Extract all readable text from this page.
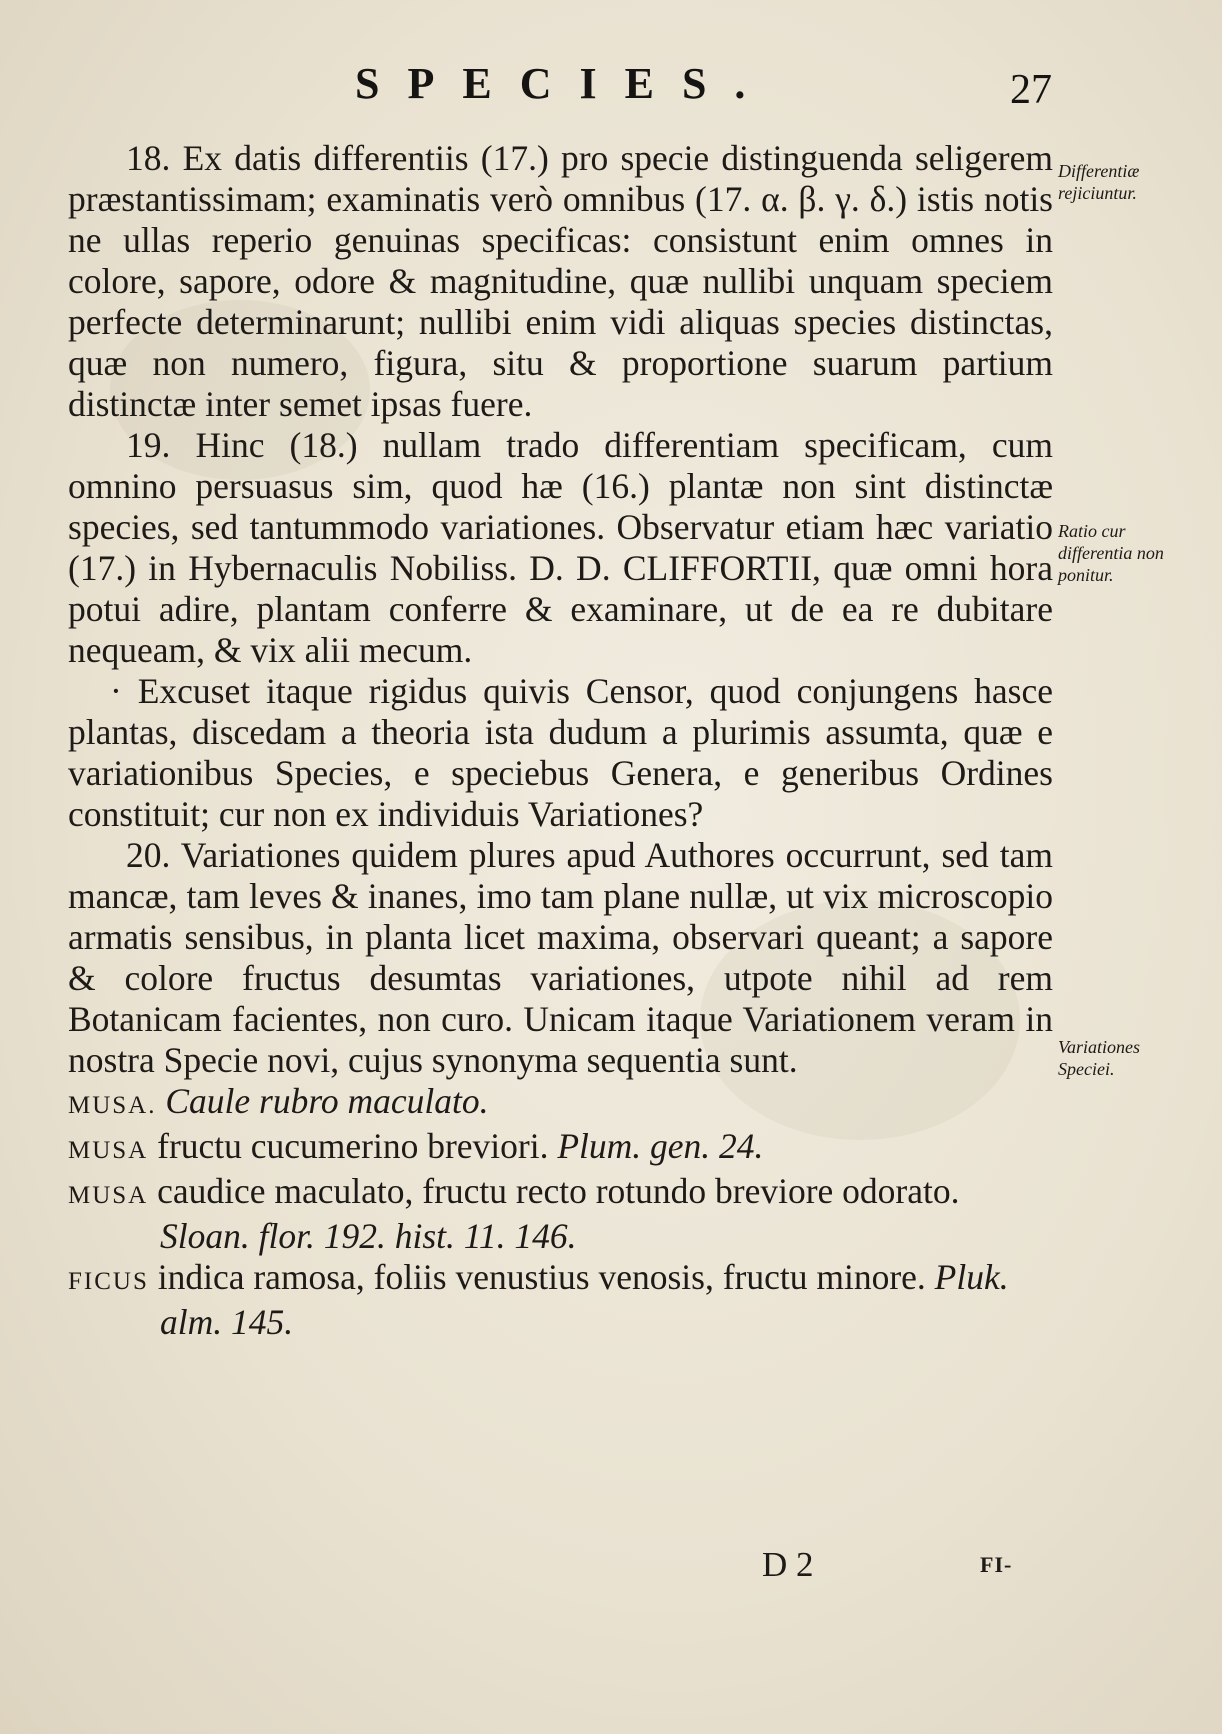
SPECIES.	27
Differentiæ rejiciuntur.
Ratio cur differentia non ponitur.
Variationes Speciei.

18. Ex datis differentiis (17.) pro specie distinguenda seligerem præstantissimam; examinatis verò omnibus (17. α. β. γ. δ.) istis notis ne ullas reperio genuinas specificas: consistunt enim omnes in colore, sapore, odore & magnitudine, quæ nullibi unquam speciem perfecte determinarunt; nullibi enim vidi aliquas species distinctas, quæ non numero, figura, situ & proportione suarum partium distinctæ inter semet ipsas fuere.

19. Hinc (18.) nullam trado differentiam specificam, cum omnino persuasus sim, quod hæ (16.) plantæ non sint distinctæ species, sed tantummodo variationes. Observatur etiam hæc variatio (17.) in Hybernaculis Nobiliss. D. D. CLIFFORTII, quæ omni hora potui adire, plantam conferre & examinare, ut de ea re dubitare nequeam, & vix alii mecum.

· Excuset itaque rigidus quivis Censor, quod conjungens hasce plantas, discedam a theoria ista dudum a plurimis assumta, quæ e variationibus Species, e speciebus Genera, e generibus Ordines constituit; cur non ex individuis Variationes?

20. Variationes quidem plures apud Authores occurrunt, sed tam mancæ, tam leves & inanes, imo tam plane nullæ, ut vix microscopio armatis sensibus, in planta licet maxima, observari queant; a sapore & colore fructus desumtas variationes, utpote nihil ad rem Botanicam facientes, non curo. Unicam itaque Variationem veram in nostra Specie novi, cujus synonyma sequentia sunt.

MUSA. Caule rubro maculato.

MUSA fructu cucumerino breviori. Plum. gen. 24.

MUSA caudice maculato, fructu recto rotundo breviore odorato. Sloan. flor. 192. hist. 11. 146.

FICUS indica ramosa, foliis venustius venosis, fructu minore. Pluk. alm. 145.

D 2	FI-
